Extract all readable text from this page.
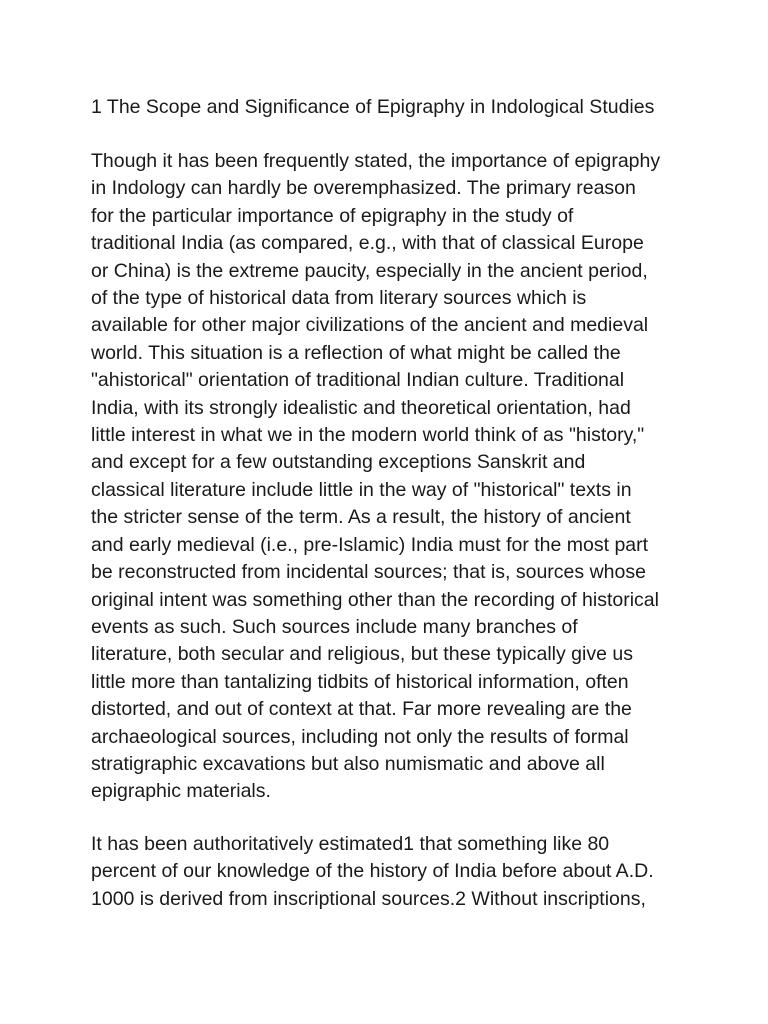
1 The Scope and Significance of Epigraphy in Indological Studies

Though it has been frequently stated, the importance of epigraphy
in Indology can hardly be overemphasized. The primary reason
for the particular importance of epigraphy in the study of
traditional India (as compared, e.g., with that of classical Europe
or China) is the extreme paucity, especially in the ancient period,
of the type of historical data from literary sources which is
available for other major civilizations of the ancient and medieval
world. This situation is a reflection of what might be called the
"ahistorical" orientation of traditional Indian culture. Traditional
India, with its strongly idealistic and theoretical orientation, had
little interest in what we in the modern world think of as "history,"
and except for a few outstanding exceptions Sanskrit and
classical literature include little in the way of "historical" texts in
the stricter sense of the term. As a result, the history of ancient
and early medieval (i.e., pre-Islamic) India must for the most part
be reconstructed from incidental sources; that is, sources whose
original intent was something other than the recording of historical
events as such. Such sources include many branches of
literature, both secular and religious, but these typically give us
little more than tantalizing tidbits of historical information, often
distorted, and out of context at that. Far more revealing are the
archaeological sources, including not only the results of formal
stratigraphic excavations but also numismatic and above all
epigraphic materials.

It has been authoritatively estimated1 that something like 80
percent of our knowledge of the history of India before about A.D.
1000 is derived from inscriptional sources.2 Without inscriptions,
